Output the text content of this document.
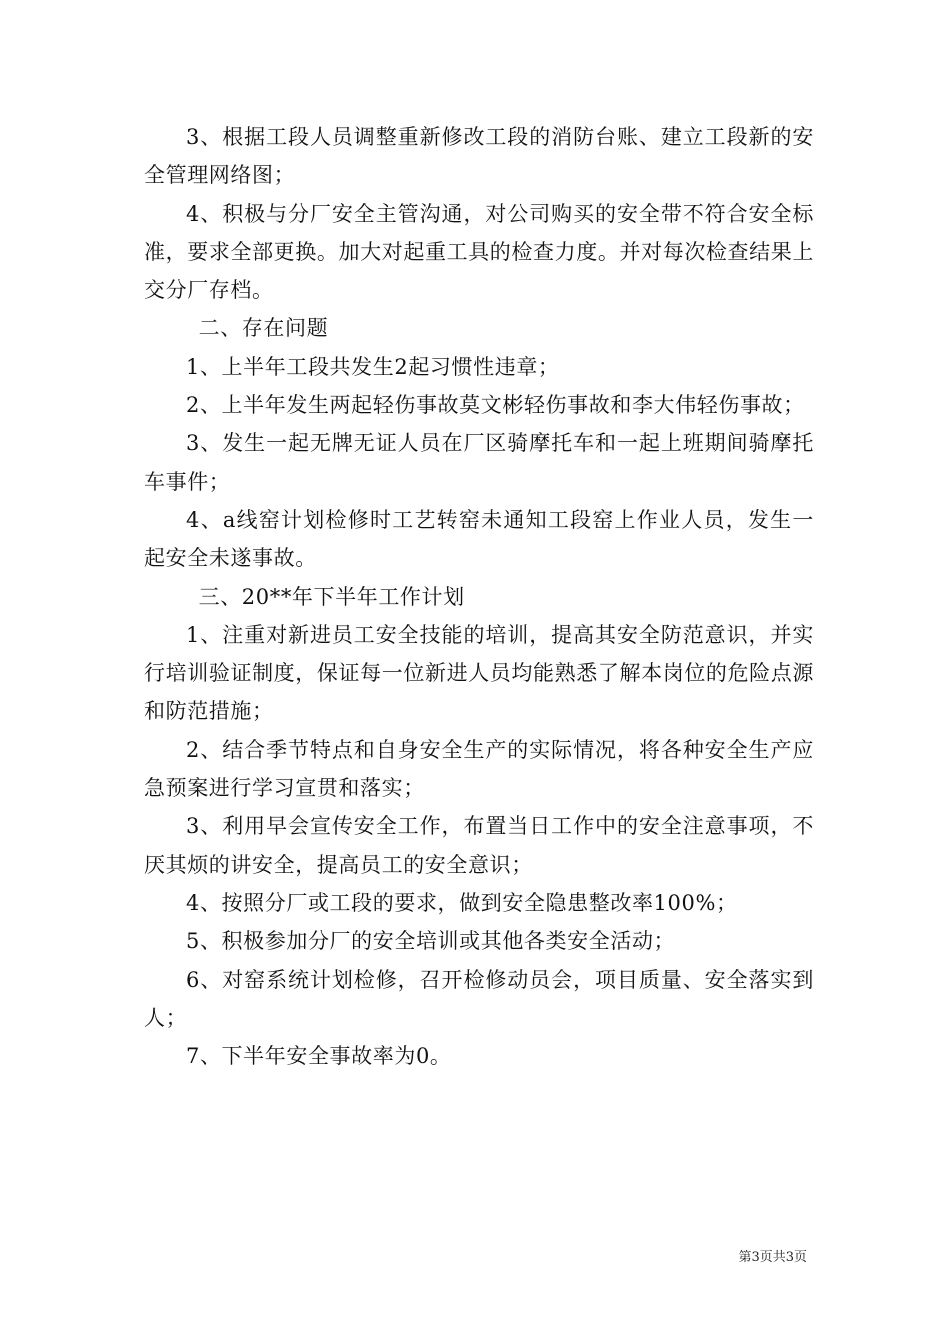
3、根据工段人员调整重新修改工段的消防台账、建立工段新的安全管理网络图；

4、积极与分厂安全主管沟通，对公司购买的安全带不符合安全标准，要求全部更换。加大对起重工具的检查力度。并对每次检查结果上交分厂存档。

二、存在问题

1、上半年工段共发生2起习惯性违章；

2、上半年发生两起轻伤事故莫文彬轻伤事故和李大伟轻伤事故；

3、发生一起无牌无证人员在厂区骑摩托车和一起上班期间骑摩托车事件；

4、a线窑计划检修时工艺转窑未通知工段窑上作业人员，发生一起安全未遂事故。

三、20**年下半年工作计划

1、注重对新进员工安全技能的培训，提高其安全防范意识，并实行培训验证制度，保证每一位新进人员均能熟悉了解本岗位的危险点源和防范措施；

2、结合季节特点和自身安全生产的实际情况，将各种安全生产应急预案进行学习宣贯和落实；

3、利用早会宣传安全工作，布置当日工作中的安全注意事项，不厌其烦的讲安全，提高员工的安全意识；

4、按照分厂或工段的要求，做到安全隐患整改率100%；

5、积极参加分厂的安全培训或其他各类安全活动；

6、对窑系统计划检修，召开检修动员会，项目质量、安全落实到人；

7、下半年安全事故率为0。

第3页共3页
